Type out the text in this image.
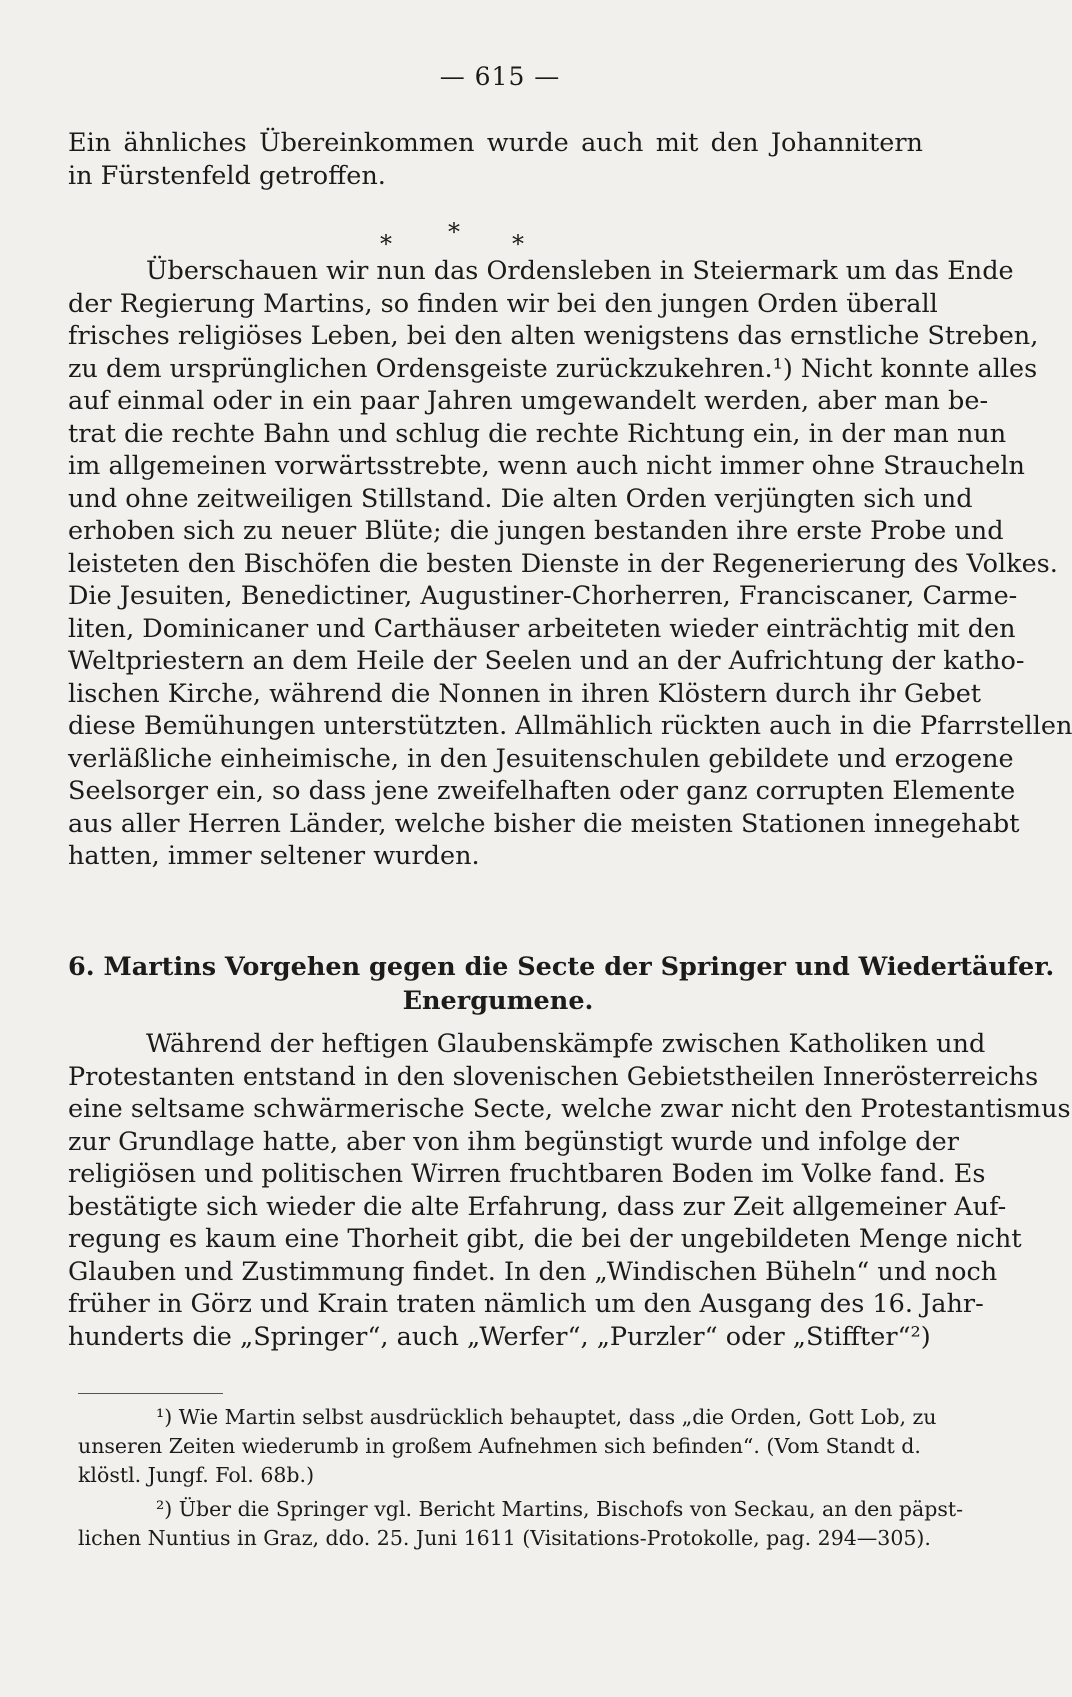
— 615 —
Ein ähnliches Übereinkommen wurde auch mit den Johannitern
in Fürstenfeld getroffen.
* * *
Überschauen wir nun das Ordensleben in Steiermark um das Ende
der Regierung Martins, so finden wir bei den jungen Orden überall
frisches religiöses Leben, bei den alten wenigstens das ernstliche Streben,
zu dem ursprünglichen Ordensgeiste zurückzukehren.¹) Nicht konnte alles
auf einmal oder in ein paar Jahren umgewandelt werden, aber man be-
trat die rechte Bahn und schlug die rechte Richtung ein, in der man nun
im allgemeinen vorwärtsstrebte, wenn auch nicht immer ohne Straucheln
und ohne zeitweiligen Stillstand. Die alten Orden verjüngten sich und
erhoben sich zu neuer Blüte; die jungen bestanden ihre erste Probe und
leisteten den Bischöfen die besten Dienste in der Regenerierung des Volkes.
Die Jesuiten, Benedictiner, Augustiner-Chorherren, Franciscaner, Carme-
liten, Dominicaner und Carthäuser arbeiteten wieder einträchtig mit den
Weltpriestern an dem Heile der Seelen und an der Aufrichtung der katho-
lischen Kirche, während die Nonnen in ihren Klöstern durch ihr Gebet
diese Bemühungen unterstützten. Allmählich rückten auch in die Pfarrstellen
verläßliche einheimische, in den Jesuitenschulen gebildete und erzogene
Seelsorger ein, so dass jene zweifelhaften oder ganz corrupten Elemente
aus aller Herren Länder, welche bisher die meisten Stationen innegehabt
hatten, immer seltener wurden.
6. Martins Vorgehen gegen die Secte der Springer und Wiedertäufer.
Energumene.
Während der heftigen Glaubenskämpfe zwischen Katholiken und
Protestanten entstand in den slovenischen Gebietstheilen Innerösterreichs
eine seltsame schwärmerische Secte, welche zwar nicht den Protestantismus
zur Grundlage hatte, aber von ihm begünstigt wurde und infolge der
religiösen und politischen Wirren fruchtbaren Boden im Volke fand. Es
bestätigte sich wieder die alte Erfahrung, dass zur Zeit allgemeiner Auf-
regung es kaum eine Thorheit gibt, die bei der ungebildeten Menge nicht
Glauben und Zustimmung findet. In den „Windischen Büheln“ und noch
früher in Görz und Krain traten nämlich um den Ausgang des 16. Jahr-
hunderts die „Springer“, auch „Werfer“, „Purzler“ oder „Stiffter“²)
¹) Wie Martin selbst ausdrücklich behauptet, dass „die Orden, Gott Lob, zu
unseren Zeiten wiederumb in großem Aufnehmen sich befinden“. (Vom Standt d.
klöstl. Jungf. Fol. 68b.)
²) Über die Springer vgl. Bericht Martins, Bischofs von Seckau, an den päpst-
lichen Nuntius in Graz, ddo. 25. Juni 1611 (Visitations-Protokolle, pag. 294—305).
